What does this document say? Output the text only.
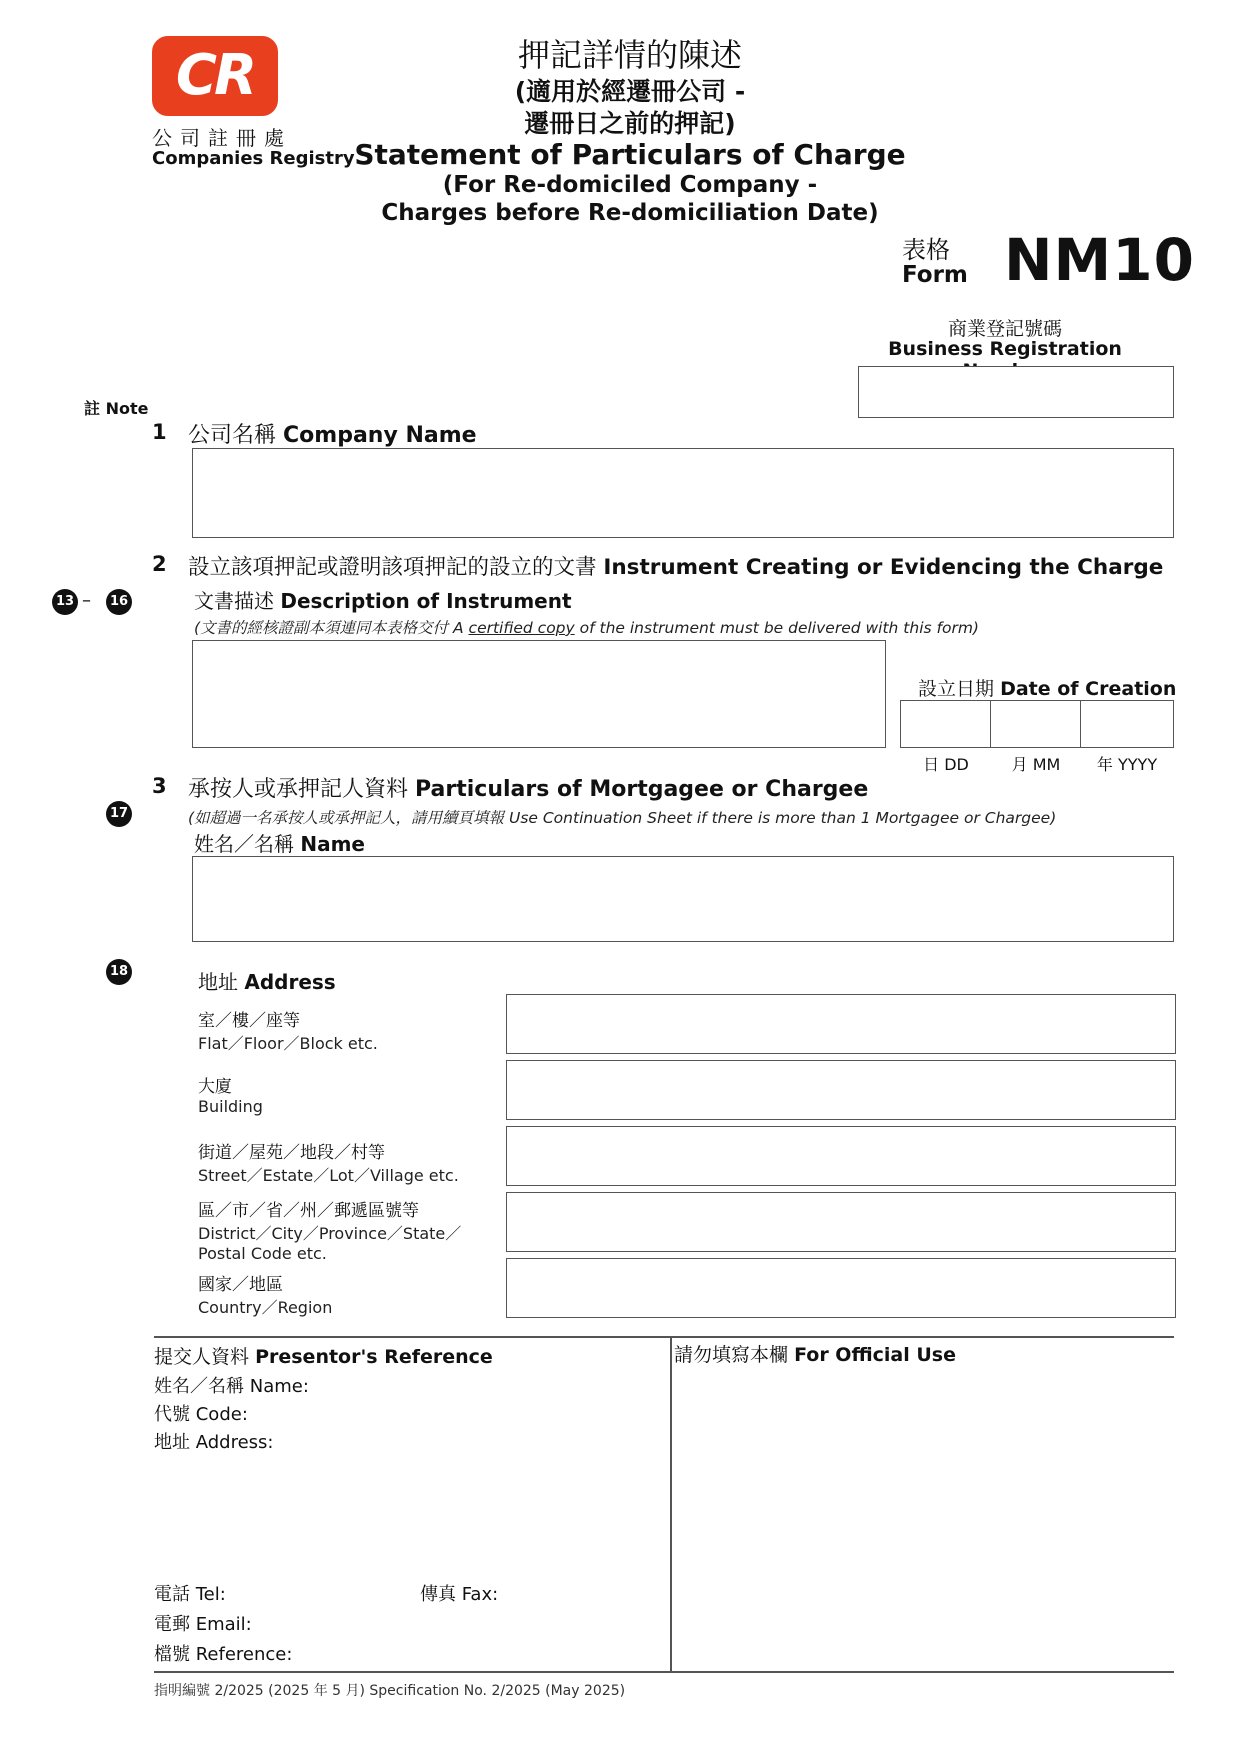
CR
公司註冊處
Companies Registry
押記詳情的陳述
(適用於經遷冊公司 -
遷冊日之前的押記)
Statement of Particulars of Charge
(For Re-domiciled Company -
Charges before Re-domiciliation Date)
表格
Form NM10
商業登記號碼
Business Registration
註 Note
1 公司名稱 Company Name
2 設立該項押記或證明該項押記的設立的文書 Instrument Creating or Evidencing the Charge
13 –	16	文書描述 Description of Instrument
(文書的經核證副本須連同本表格交付 A certified copy of the instrument must be delivered with this form)
設立日期 Date of Creation
日 DD	月 MM	年 YYYY
3 承按人或承押記人資料 Particulars of Mortgagee or Chargee
17	(如超過一名承按人或承押記人，請用續頁填報 Use Continuation Sheet if there is more than 1 Mortgagee or Chargee)
姓名／名稱 Name
18	地址 Address
室／樓／座等
Flat／Floor／Block etc.
大廈
Building
街道／屋苑／地段／村等
Street／Estate／Lot／Village etc.
區／市／省／州／郵遞區號等
District／City／Province／State／Postal Code etc.
國家／地區
Country／Region
提交人資料 Presentor's Reference
姓名／名稱 Name:
代號 Code:
地址 Address:
電話 Tel:	傳真 Fax:
電郵 Email:
檔號 Reference:
請勿填寫本欄 For Official Use
指明編號 2/2025 (2025 年 5 月) Specification No. 2/2025 (May 2025)
